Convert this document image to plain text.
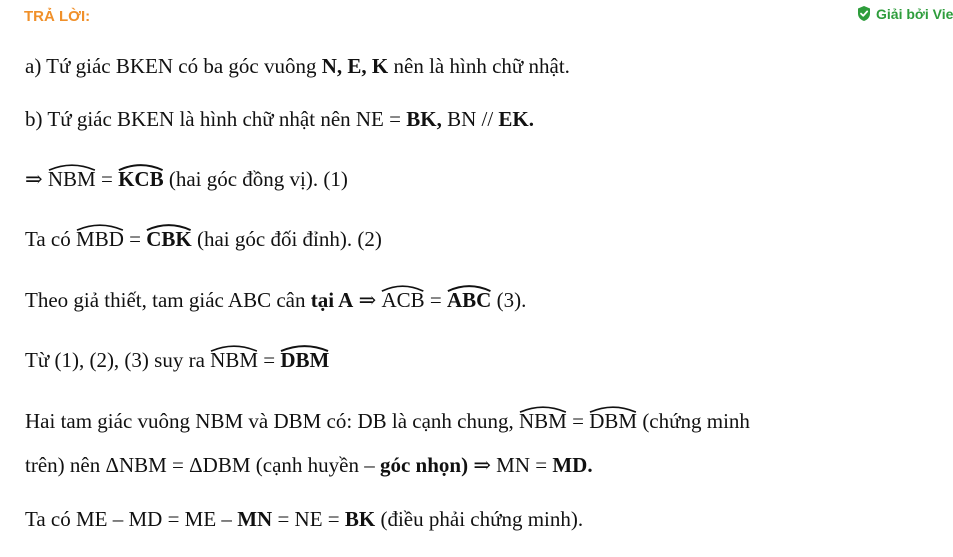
TRẢ LỜI:	Giải bởi Vie
a) Tứ giác BKEN có ba góc vuông N, E, K nên là hình chữ nhật.
b) Tứ giác BKEN là hình chữ nhật nên NE = BK, BN // EK.
⇒
NBM =
KCB (hai góc đồng vị). (1)
Ta có
MBD =
CBK (hai góc đối đỉnh). (2)
Theo giả thiết, tam giác ABC cân tại A ⇒
ACB =
ABC (3).
Từ (1), (2), (3) suy ra
NBM =
DBM
Hai tam giác vuông NBM và DBM có: DB là cạnh chung,
NBM =
DBM (chứng minh
trên) nên ΔNBM = ΔDBM (cạnh huyền – góc nhọn) ⇒ MN = MD.
Ta có ME – MD = ME – MN = NE = BK (điều phải chứng minh).
